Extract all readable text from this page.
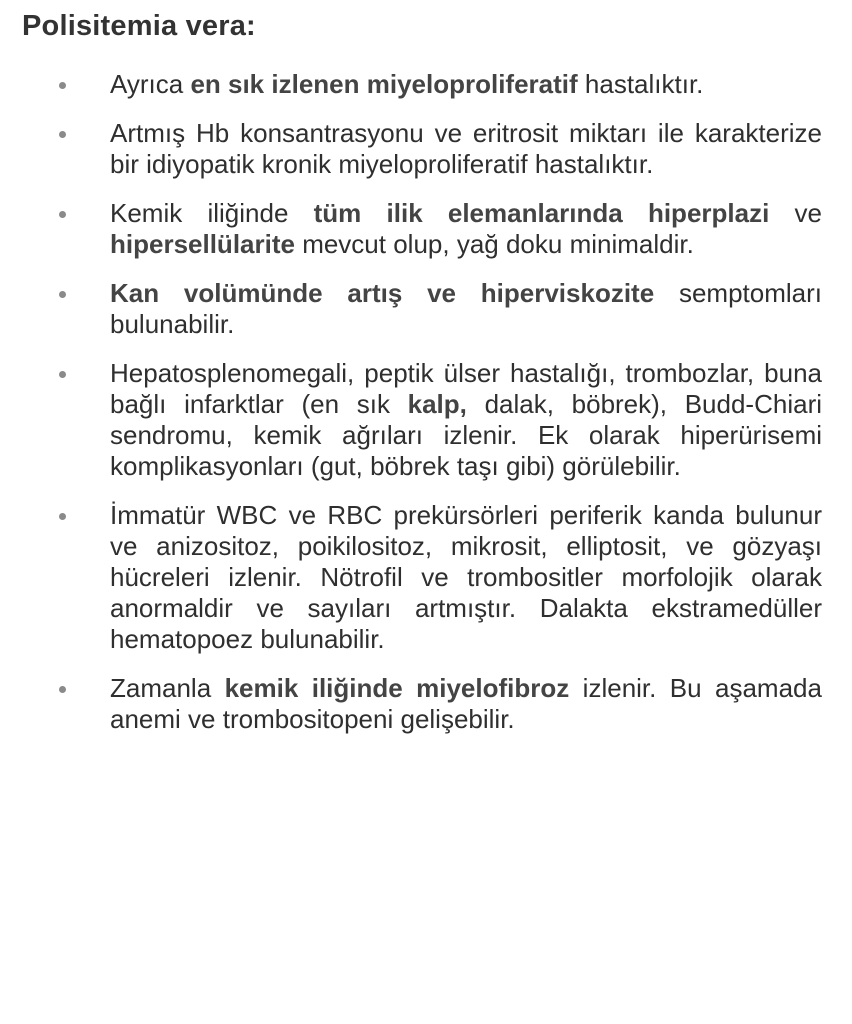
Polisitemia vera:
Ayrıca en sık izlenen miyeloproliferatif hastalıktır.
Artmış Hb konsantrasyonu ve eritrosit miktarı ile karakterize bir idiyopatik kronik miyeloproliferatif hastalıktır.
Kemik iliğinde tüm ilik elemanlarında hiperplazi ve hipersellülarite mevcut olup, yağ doku minimaldir.
Kan volümünde artış ve hiperviskozite semptomları bulunabilir.
Hepatosplenomegali, peptik ülser hastalığı, trombozlar, buna bağlı infarktlar (en sık kalp, dalak, böbrek), Budd-Chiari sendromu, kemik ağrıları izlenir. Ek olarak hiperürisemi komplikasyonları (gut, böbrek taşı gibi) görülebilir.
İmmatür WBC ve RBC prekürsörleri periferik kanda bulunur ve anizositoz, poikilositoz, mikrosit, elliptosit, ve gözyaşı hücreleri izlenir. Nötrofil ve trombositler morfolojik olarak anormaldir ve sayıları artmıştır. Dalakta ekstramedüller hematopoez bulunabilir.
Zamanla kemik iliğinde miyelofibroz izlenir. Bu aşamada anemi ve trombositopeni gelişebilir.
